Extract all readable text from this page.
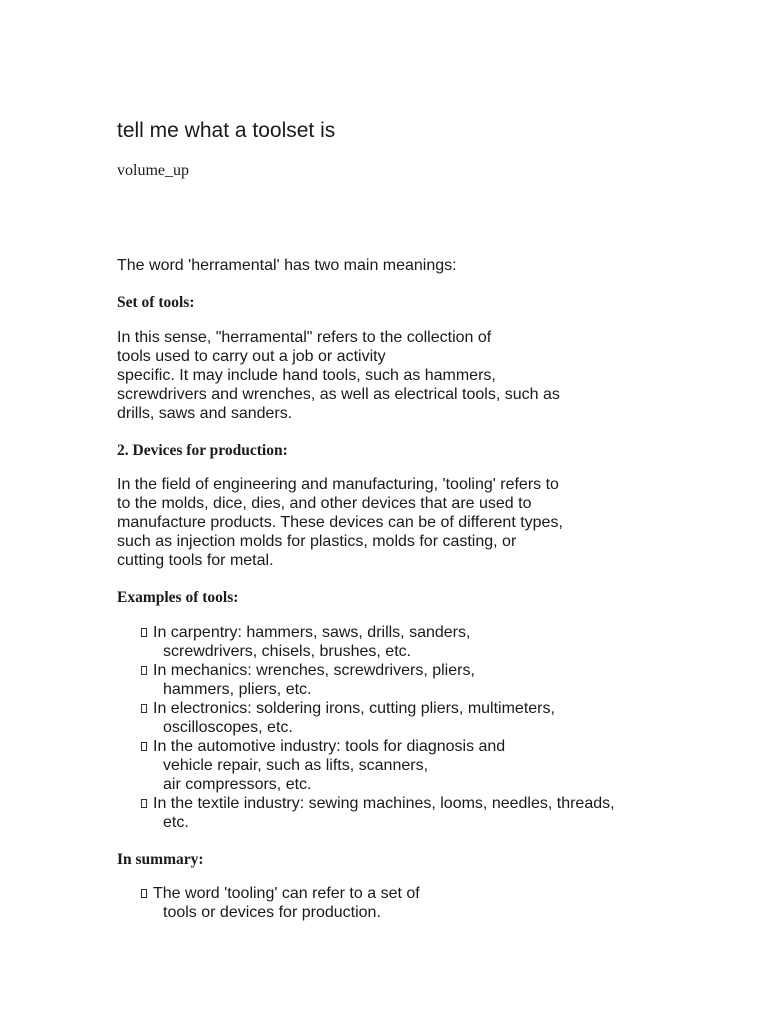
tell me what a toolset is
volume_up
The word 'herramental' has two main meanings:
Set of tools:
In this sense, "herramental" refers to the collection of
tools used to carry out a job or activity
specific. It may include hand tools, such as hammers,
screwdrivers and wrenches, as well as electrical tools, such as
drills, saws and sanders.
2. Devices for production:
In the field of engineering and manufacturing, 'tooling' refers to
to the molds, dice, dies, and other devices that are used to
manufacture products. These devices can be of different types,
such as injection molds for plastics, molds for casting, or
cutting tools for metal.
Examples of tools:
In carpentry: hammers, saws, drills, sanders,
screwdrivers, chisels, brushes, etc.
In mechanics: wrenches, screwdrivers, pliers,
hammers, pliers, etc.
In electronics: soldering irons, cutting pliers, multimeters,
oscilloscopes, etc.
In the automotive industry: tools for diagnosis and
vehicle repair, such as lifts, scanners,
air compressors, etc.
In the textile industry: sewing machines, looms, needles, threads,
etc.
In summary:
The word 'tooling' can refer to a set of
tools or devices for production.
